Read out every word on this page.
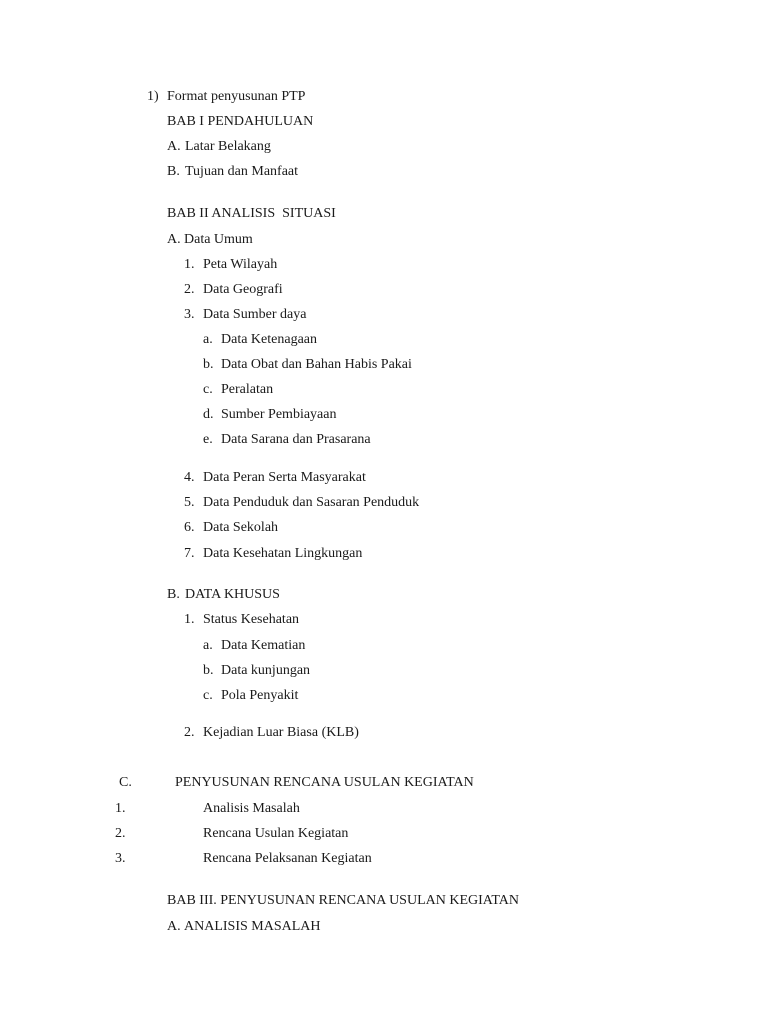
1) Format penyusunan PTP
BAB I PENDAHULUAN
A. Latar Belakang
B. Tujuan dan Manfaat
BAB II ANALISIS  SITUASI
A. Data Umum
1. Peta Wilayah
2. Data Geografi
3. Data Sumber daya
a. Data Ketenagaan
b. Data Obat dan Bahan Habis Pakai
c. Peralatan
d. Sumber Pembiayaan
e. Data Sarana dan Prasarana
4. Data Peran Serta Masyarakat
5. Data Penduduk dan Sasaran Penduduk
6. Data Sekolah
7. Data Kesehatan Lingkungan
B. DATA KHUSUS
1. Status Kesehatan
a. Data Kematian
b. Data kunjungan
c. Pola Penyakit
2. Kejadian Luar Biasa (KLB)
C.	PENYUSUNAN RENCANA USULAN KEGIATAN
1.	Analisis Masalah
2.	Rencana Usulan Kegiatan
3.	Rencana Pelaksanan Kegiatan
BAB III. PENYUSUNAN RENCANA USULAN KEGIATAN
A. ANALISIS MASALAH
